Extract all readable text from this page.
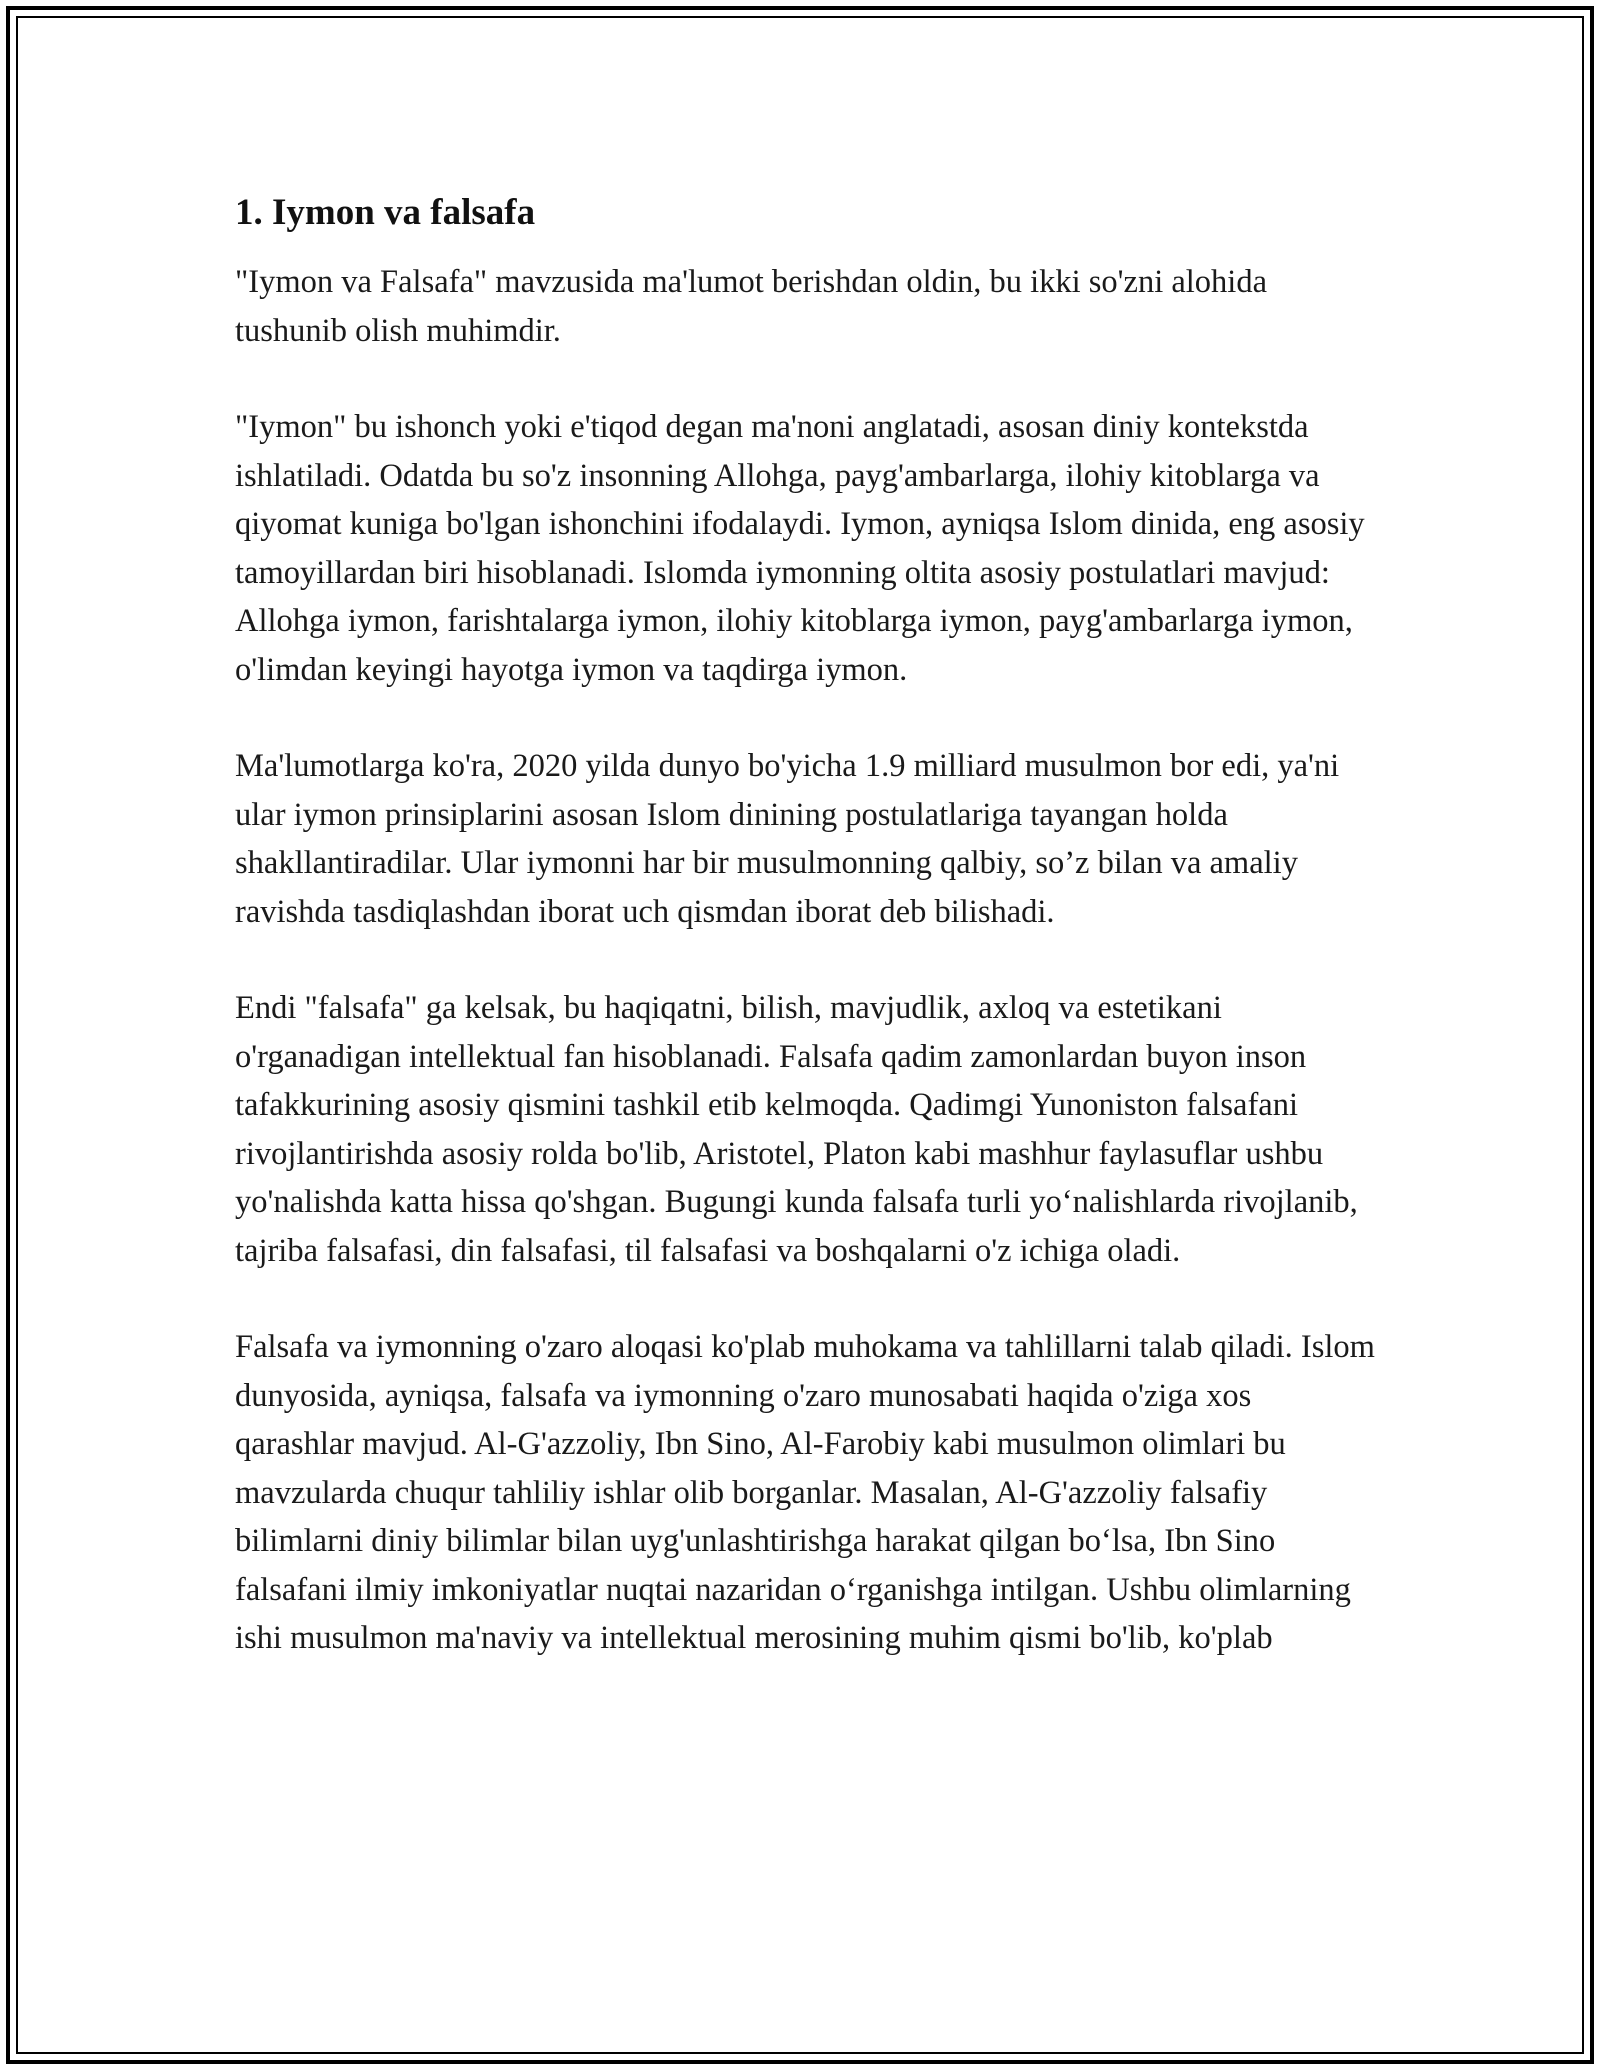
1. Iymon va falsafa

"Iymon va Falsafa" mavzusida ma'lumot berishdan oldin, bu ikki so'zni alohida tushunib olish muhimdir.

"Iymon" bu ishonch yoki e'tiqod degan ma'noni anglatadi, asosan diniy kontekstda ishlatiladi. Odatda bu so'z insonning Allohga, payg'ambarlarga, ilohiy kitoblarga va qiyomat kuniga bo'lgan ishonchini ifodalaydi. Iymon, ayniqsa Islom dinida, eng asosiy tamoyillardan biri hisoblanadi. Islomda iymonning oltita asosiy postulatlari mavjud: Allohga iymon, farishtalarga iymon, ilohiy kitoblarga iymon, payg'ambarlarga iymon, o'limdan keyingi hayotga iymon va taqdirga iymon.

Ma'lumotlarga ko'ra, 2020 yilda dunyo bo'yicha 1.9 milliard musulmon bor edi, ya'ni ular iymon prinsiplarini asosan Islom dinining postulatlariga tayangan holda shakllantiradilar. Ular iymonni har bir musulmonning qalbiy, so’z bilan va amaliy ravishda tasdiqlashdan iborat uch qismdan iborat deb bilishadi.

Endi "falsafa" ga kelsak, bu haqiqatni, bilish, mavjudlik, axloq va estetikani o'rganadigan intellektual fan hisoblanadi. Falsafa qadim zamonlardan buyon inson tafakkurining asosiy qismini tashkil etib kelmoqda. Qadimgi Yunoniston falsafani rivojlantirishda asosiy rolda bo'lib, Aristotel, Platon kabi mashhur faylasuflar ushbu yo'nalishda katta hissa qo'shgan. Bugungi kunda falsafa turli yo‘nalishlarda rivojlanib, tajriba falsafasi, din falsafasi, til falsafasi va boshqalarni o'z ichiga oladi.

Falsafa va iymonning o'zaro aloqasi ko'plab muhokama va tahlillarni talab qiladi. Islom dunyosida, ayniqsa, falsafa va iymonning o'zaro munosabati haqida o'ziga xos qarashlar mavjud. Al-G'azzoliy, Ibn Sino, Al-Farobiy kabi musulmon olimlari bu mavzularda chuqur tahliliy ishlar olib borganlar. Masalan, Al-G'azzoliy falsafiy bilimlarni diniy bilimlar bilan uyg'unlashtirishga harakat qilgan bo‘lsa, Ibn Sino falsafani ilmiy imkoniyatlar nuqtai nazaridan o‘rganishga intilgan. Ushbu olimlarning ishi musulmon ma'naviy va intellektual merosining muhim qismi bo'lib, ko'plab
